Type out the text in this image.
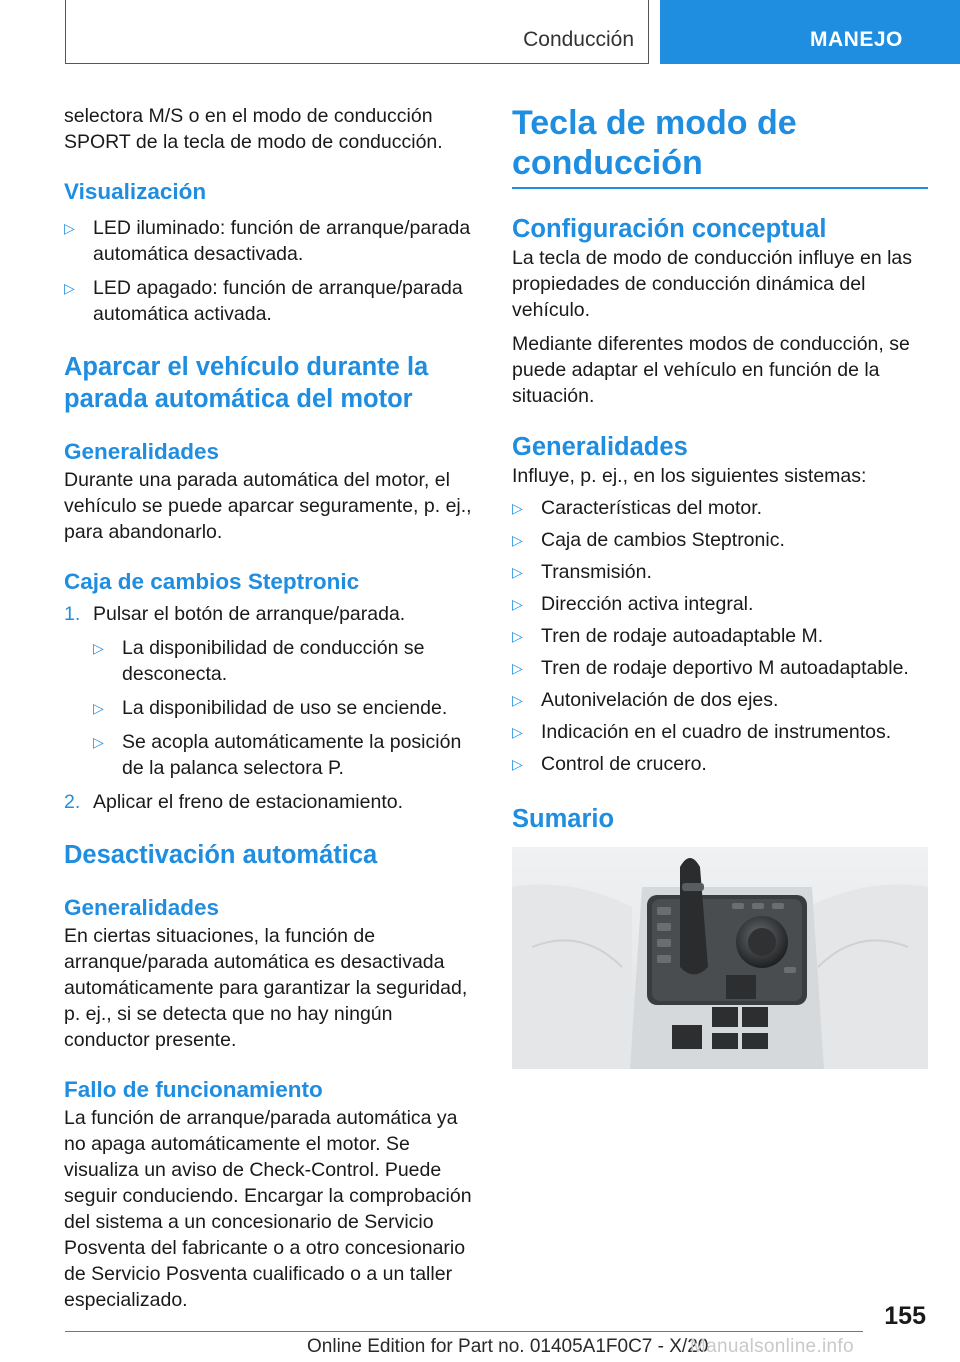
Conducción	MANEJO

selectora M/S o en el modo de conducción SPORT de la tecla de modo de conducción.

Visualización
▷ LED iluminado: función de arranque/parada automática desactivada.
▷ LED apagado: función de arranque/parada automática activada.
Aparcar el vehículo durante la parada automática del motor
Generalidades

Durante una parada automática del motor, el vehículo se puede aparcar seguramente, p. ej., para abandonarlo.

Caja de cambios Steptronic
1. Pulsar el botón de arranque/parada.
▷ La disponibilidad de conducción se desconecta.
▷ La disponibilidad de uso se enciende.
▷ Se acopla automáticamente la posición de la palanca selectora P.
2. Aplicar el freno de estacionamiento.
Desactivación automática
Generalidades

En ciertas situaciones, la función de arranque/parada automática es desactivada automáticamente para garantizar la seguridad, p. ej., si se detecta que no hay ningún conductor presente.

Fallo de funcionamiento

La función de arranque/parada automática ya no apaga automáticamente el motor. Se visualiza un aviso de Check-Control. Puede seguir conduciendo. Encargar la comprobación del sistema a un concesionario de Servicio Posventa del fabricante o a otro concesionario de Servicio Posventa cualificado o a un taller especializado.

Tecla de modo de conducción
Configuración conceptual

La tecla de modo de conducción influye en las propiedades de conducción dinámica del vehículo.

Mediante diferentes modos de conducción, se puede adaptar el vehículo en función de la situación.

Generalidades

Influye, p. ej., en los siguientes sistemas:

▷ Características del motor.
▷ Caja de cambios Steptronic.
▷ Transmisión.
▷ Dirección activa integral.
▷ Tren de rodaje autoadaptable M.
▷ Tren de rodaje deportivo M autoadaptable.
▷ Autonivelación de dos ejes.
▷ Indicación en el cuadro de instrumentos.
▷ Control de crucero.
Sumario
155
Online Edition for Part no. 01405A1F0C7 - X/20
Manualsonline.info
